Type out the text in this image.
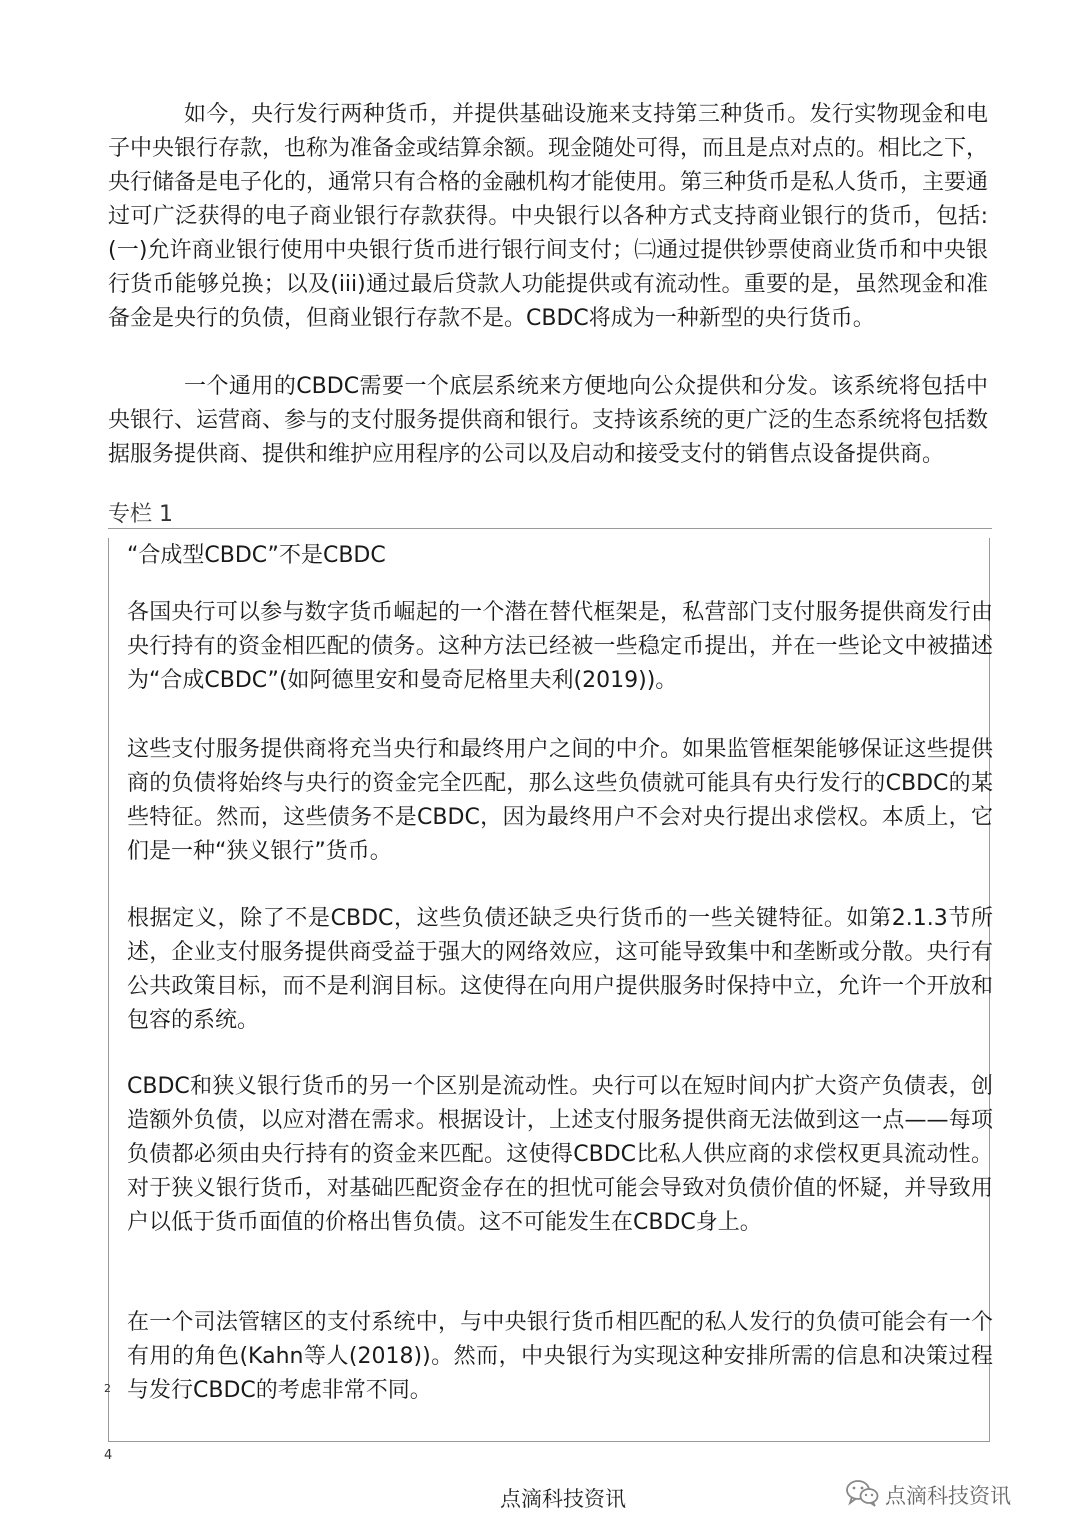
如今，央行发行两种货币，并提供基础设施来支持第三种货币。发行实物现金和电子中央银行存款，也称为准备金或结算余额。现金随处可得，而且是点对点的。相比之下，央行储备是电子化的，通常只有合格的金融机构才能使用。第三种货币是私人货币，主要通过可广泛获得的电子商业银行存款获得。中央银行以各种方式支持商业银行的货币，包括:(一)允许商业银行使用中央银行货币进行银行间支付；㈡通过提供钞票使商业货币和中央银行货币能够兑换；以及(iii)通过最后贷款人功能提供或有流动性。重要的是，虽然现金和准备金是央行的负债，但商业银行存款不是。CBDC将成为一种新型的央行货币。

一个通用的CBDC需要一个底层系统来方便地向公众提供和分发。该系统将包括中央银行、运营商、参与的支付服务提供商和银行。支持该系统的更广泛的生态系统将包括数据服务提供商、提供和维护应用程序的公司以及启动和接受支付的销售点设备提供商。

专栏 1
“合成型CBDC”不是CBDC

各国央行可以参与数字货币崛起的一个潜在替代框架是，私营部门支付服务提供商发行由央行持有的资金相匹配的债务。这种方法已经被一些稳定币提出，并在一些论文中被描述为“合成CBDC”(如阿德里安和曼奇尼格里夫利(2019))。

这些支付服务提供商将充当央行和最终用户之间的中介。如果监管框架能够保证这些提供商的负债将始终与央行的资金完全匹配，那么这些负债就可能具有央行发行的CBDC的某些特征。然而，这些债务不是CBDC，因为最终用户不会对央行提出求偿权。本质上，它们是一种“狭义银行”货币。

根据定义，除了不是CBDC，这些负债还缺乏央行货币的一些关键特征。如第2.1.3节所述，企业支付服务提供商受益于强大的网络效应，这可能导致集中和垄断或分散。央行有公共政策目标，而不是利润目标。这使得在向用户提供服务时保持中立，允许一个开放和包容的系统。

CBDC和狭义银行货币的另一个区别是流动性。央行可以在短时间内扩大资产负债表，创造额外负债，以应对潜在需求。根据设计，上述支付服务提供商无法做到这一点——每项负债都必须由央行持有的资金来匹配。这使得CBDC比私人供应商的求偿权更具流动性。对于狭义银行货币，对基础匹配资金存在的担忧可能会导致对负债价值的怀疑，并导致用户以低于货币面值的价格出售负债。这不可能发生在CBDC身上。

在一个司法管辖区的支付系统中，与中央银行货币相匹配的私人发行的负债可能会有一个有用的角色(Kahn等人(2018))。然而，中央银行为实现这种安排所需的信息和决策过程与发行CBDC的考虑非常不同。

2
4
点滴科技资讯	点滴科技资讯
